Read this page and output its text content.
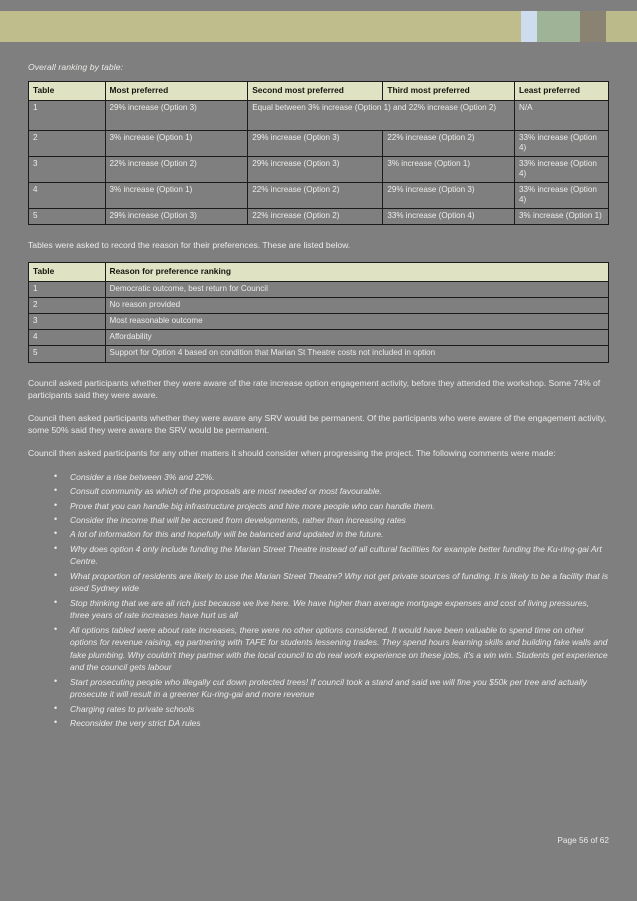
Overall ranking by table:

Table	Most preferred	Second most preferred	Third most preferred	Least preferred
1	29% increase (Option 3)	Equal between 3% increase (Option 1) and 22% increase (Option 2)		N/A
2	3% increase (Option 1)	29% increase (Option 3)	22% increase (Option 2)	33% increase (Option 4)
3	22% increase (Option 2)	29% increase (Option 3)	3% increase (Option 1)	33% increase (Option 4)
4	3% increase (Option 1)	22% increase (Option 2)	29% increase (Option 3)	33% increase (Option 4)
5	29% increase (Option 3)	22% increase (Option 2)	33% increase (Option 4)	3% increase (Option 1)

Tables were asked to record the reason for their preferences. These are listed below.

Table	Reason for preference ranking
1	Democratic outcome, best return for Council
2	No reason provided
3	Most reasonable outcome
4	Affordability
5	Support for Option 4 based on condition that Marian St Theatre costs not included in option

Council asked participants whether they were aware of the rate increase option engagement activity, before they attended the workshop. Some 74% of participants said they were aware.

Council then asked participants whether they were aware any SRV would be permanent. Of the participants who were aware of the engagement activity, some 50% said they were aware the SRV would be permanent.

Council then asked participants for any other matters it should consider when progressing the project. The following comments were made:

• Consider a rise between 3% and 22%.
• Consult community as which of the proposals are most needed or most favourable.
• Prove that you can handle big infrastructure projects and hire more people who can handle them.
• Consider the income that will be accrued from developments, rather than increasing rates
• A lot of information for this and hopefully will be balanced and updated in the future.
• Why does option 4 only include funding the Marian Street Theatre instead of all cultural facilities for example better funding the Ku-ring-gai Art Centre.
• What proportion of residents are likely to use the Marian Street Theatre? Why not get private sources of funding. It is likely to be a facility that is used Sydney wide
• Stop thinking that we are all rich just because we live here. We have higher than average mortgage expenses and cost of living pressures, three years of rate increases have hurt us all
• All options tabled were about rate increases, there were no other options considered. It would have been valuable to spend time on other options for revenue raising, eg partnering with TAFE for students lessening trades. They spend hours learning skills and building fake walls and fake plumbing. Why couldn't they partner with the local council to do real work experience on these jobs, it's a win win. Students get experience and the council gets labour
• Start prosecuting people who illegally cut down protected trees! If council took a stand and said we will fine you $50k per tree and actually prosecute it will result in a greener Ku-ring-gai and more revenue
• Charging rates to private schools
• Reconsider the very strict DA rules
Page 56 of 62
